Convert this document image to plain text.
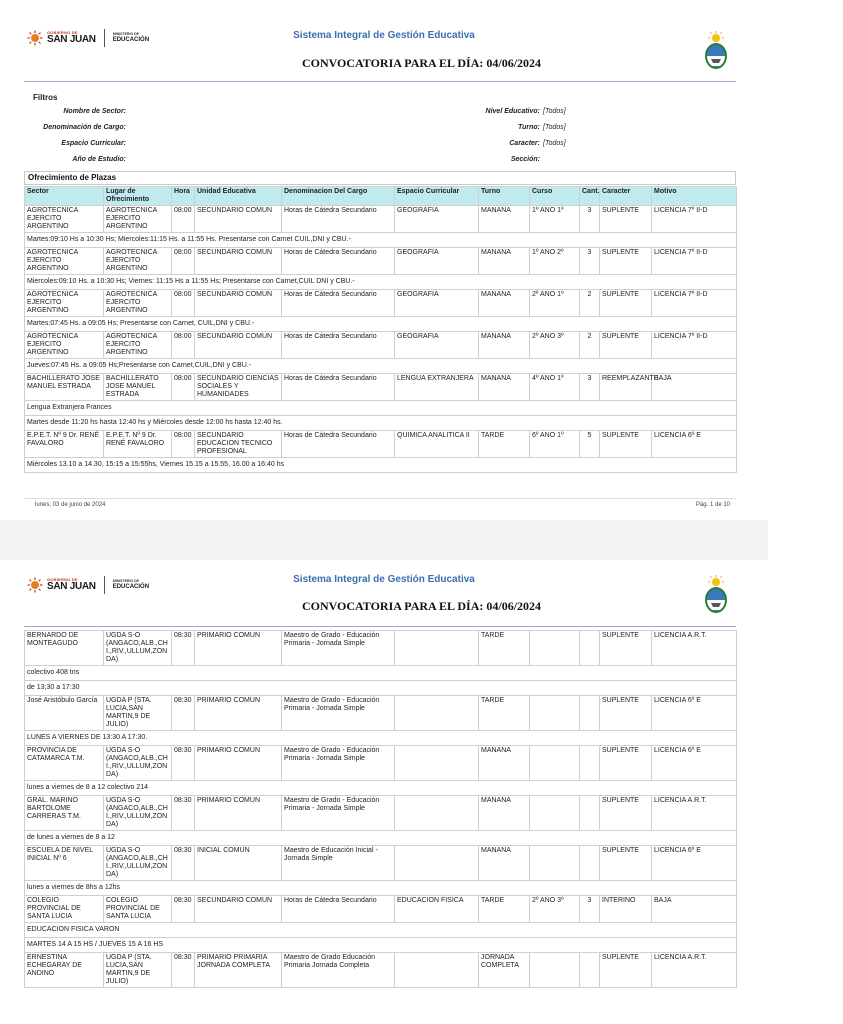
GOBIERNO DE
SAN JUAN	MINISTERIO DE
EDUCACIÓN	Sistema Integral de Gestión Educativa
CONVOCATORIA PARA EL DÍA: 04/06/2024
Filtros
Nombre de Sector:
Denominación de Cargo:
Espacio Curricular:
Año de Estudio:
Nivel Educativo: [Todos]
Turno: [Todos]
Caracter: [Todos]
Sección:
Ofrecimiento de Plazas
Sector	Lugar de Ofrecimiento	Hora	Unidad Educativa	Denominacion Del Cargo	Espacio Curricular	Turno	Curso	Cant.	Caracter	Motivo
AGROTECNICA EJERCITO ARGENTINO	AGROTECNICA EJERCITO ARGENTINO	08:00	SECUNDARIO COMUN	Horas de Cátedra Secundario	GEOGRAFIA	MANANA	1º ANO 1º	3	SUPLENTE	LICENCIA 7º II-D
Martes:09:10 Hs a 10:30 Hs; Miercoles:11:15 Hs. a 11:55 Hs. Presentarse con Carnet CUIL,DNI y CBU.-										
AGROTECNICA EJERCITO ARGENTINO	AGROTECNICA EJERCITO ARGENTINO	08:00	SECUNDARIO COMUN	Horas de Cátedra Secundario	GEOGRAFIA	MANANA	1º ANO 2º	3	SUPLENTE	LICENCIA 7º II-D
Miercoles:09:10 Hs. a 10:30 Hs; Viernes: 11:15 Hs a 11:55 Hs; Presentarse con Carnet,CUIL DNI y CBU.-										
AGROTECNICA EJERCITO ARGENTINO	AGROTECNICA EJERCITO ARGENTINO	08:00	SECUNDARIO COMUN	Horas de Cátedra Secundario	GEOGRAFIA	MANANA	2º ANO 1º	2	SUPLENTE	LICENCIA 7º II-D
Martes:07:45 Hs. a 09:05 Hs; Presentarse con Carnet, CUIL,DNI y CBU.-										
AGROTECNICA EJERCITO ARGENTINO	AGROTECNICA EJERCITO ARGENTINO	08:00	SECUNDARIO COMUN	Horas de Cátedra Secundario	GEOGRAFIA	MANANA	2º ANO 3º	2	SUPLENTE	LICENCIA 7º II-D
Jueves:07:45 Hs. a 09:05 Hs;Presentarse con Carnet,CUIL,DNI y CBU.-										
BACHILLERATO JOSE MANUEL ESTRADA	BACHILLERATO JOSE MANUEL ESTRADA	08:00	SECUNDARIO CIENCIAS SOCIALES Y HUMANIDADES	Horas de Cátedra Secundario	LENGUA EXTRANJERA	MANANA	4º ANO 1º	3	REEMPLAZANTE	BAJA
Lengua Extranjera Frances										
Martes desde 11:20 hs hasta 12:40 hs y Miércoles desde 12:00 hs hasta 12:40 hs.										
E.P.E.T. Nº 9 Dr. RENÉ FAVALORO	E.P.E.T. Nº 9 Dr. RENÉ FAVALORO	08:00	SECUNDARIO EDUCACION TECNICO PROFESIONAL	Horas de Cátedra Secundario	QUIMICA ANALITICA II	TARDE	6º ANO 1º	5	SUPLENTE	LICENCIA 6º E
Miércoles 13.10 a 14.30, 15:15 a 15:55hs, Viernes 15.15 a 15.55, 16.00 a 16:40 hs										
lunes, 03 de junio de 2024	Pág. 1 de 10
GOBIERNO DE
SAN JUAN	MINISTERIO DE
EDUCACIÓN
Sistema Integral de Gestión Educativa
CONVOCATORIA PARA EL DÍA: 04/06/2024
BERNARDO DE MONTEAGUDO	UGDA S-O (ANGACO,ALB.,CH I.,RIV.,ULLUM,ZON DA)	08:30	PRIMARIO COMUN	Maestro de Grado - Educación Primaria - Jornada Simple		TARDE			SUPLENTE	LICENCIA A.R.T.
colectivo 408 tns										
de 13;30 a 17:30										
José Aristóbulo García	UGDA P (STA. LUCIA,SAN MARTIN,9 DE JULIO)	08:30	PRIMARIO COMUN	Maestro de Grado - Educación Primaria - Jornada Simple		TARDE			SUPLENTE	LICENCIA 6º E
LUNES A VIERNES DE 13:30 A 17:30.										
PROVINCIA DE CATAMARCA T.M.	UGDA S-O (ANGACO,ALB.,CH I.,RIV.,ULLUM,ZON DA)	08:30	PRIMARIO COMUN	Maestro de Grado - Educación Primaria - Jornada Simple		MANANA			SUPLENTE	LICENCIA 6º E
lunes a viernes de 8 a 12 colectivo 214										
GRAL. MARINO BARTOLOME CARRERAS T.M.	UGDA S-O (ANGACO,ALB.,CH I.,RIV.,ULLUM,ZON DA)	08:30	PRIMARIO COMUN	Maestro de Grado - Educación Primaria - Jornada Simple		MANANA			SUPLENTE	LICENCIA A.R.T.
de lunes a viernes de 8 a 12										
ESCUELA DE NIVEL INICIAL Nº 6	UGDA S-O (ANGACO,ALB.,CH I.,RIV.,ULLUM,ZON DA)	08:30	INICIAL COMUN	Maestro de Educación Inicial - Jornada Simple		MANANA			SUPLENTE	LICENCIA 6º E
lunes a viernes de 8hs a 12hs										
COLEGIO PROVINCIAL DE SANTA LUCIA	COLEGIO PROVINCIAL DE SANTA LUCIA	08:30	SECUNDARIO COMUN	Horas de Cátedra Secundario	EDUCACION FISICA	TARDE	2º ANO 3º	3	INTERINO	BAJA
EDUCACION FISICA VARON										
MARTES 14 A 15 HS / JUEVES 15 A 16 HS										
ERNESTINA ECHEGARAY DE ANDINO	UGDA P (STA. LUCIA,SAN MARTIN,9 DE JULIO)	08:30	PRIMARIO PRIMARIA JORNADA COMPLETA	Maestro de Grado Educación Primaria Jornada Completa		JORNADA COMPLETA			SUPLENTE	LICENCIA A.R.T.
